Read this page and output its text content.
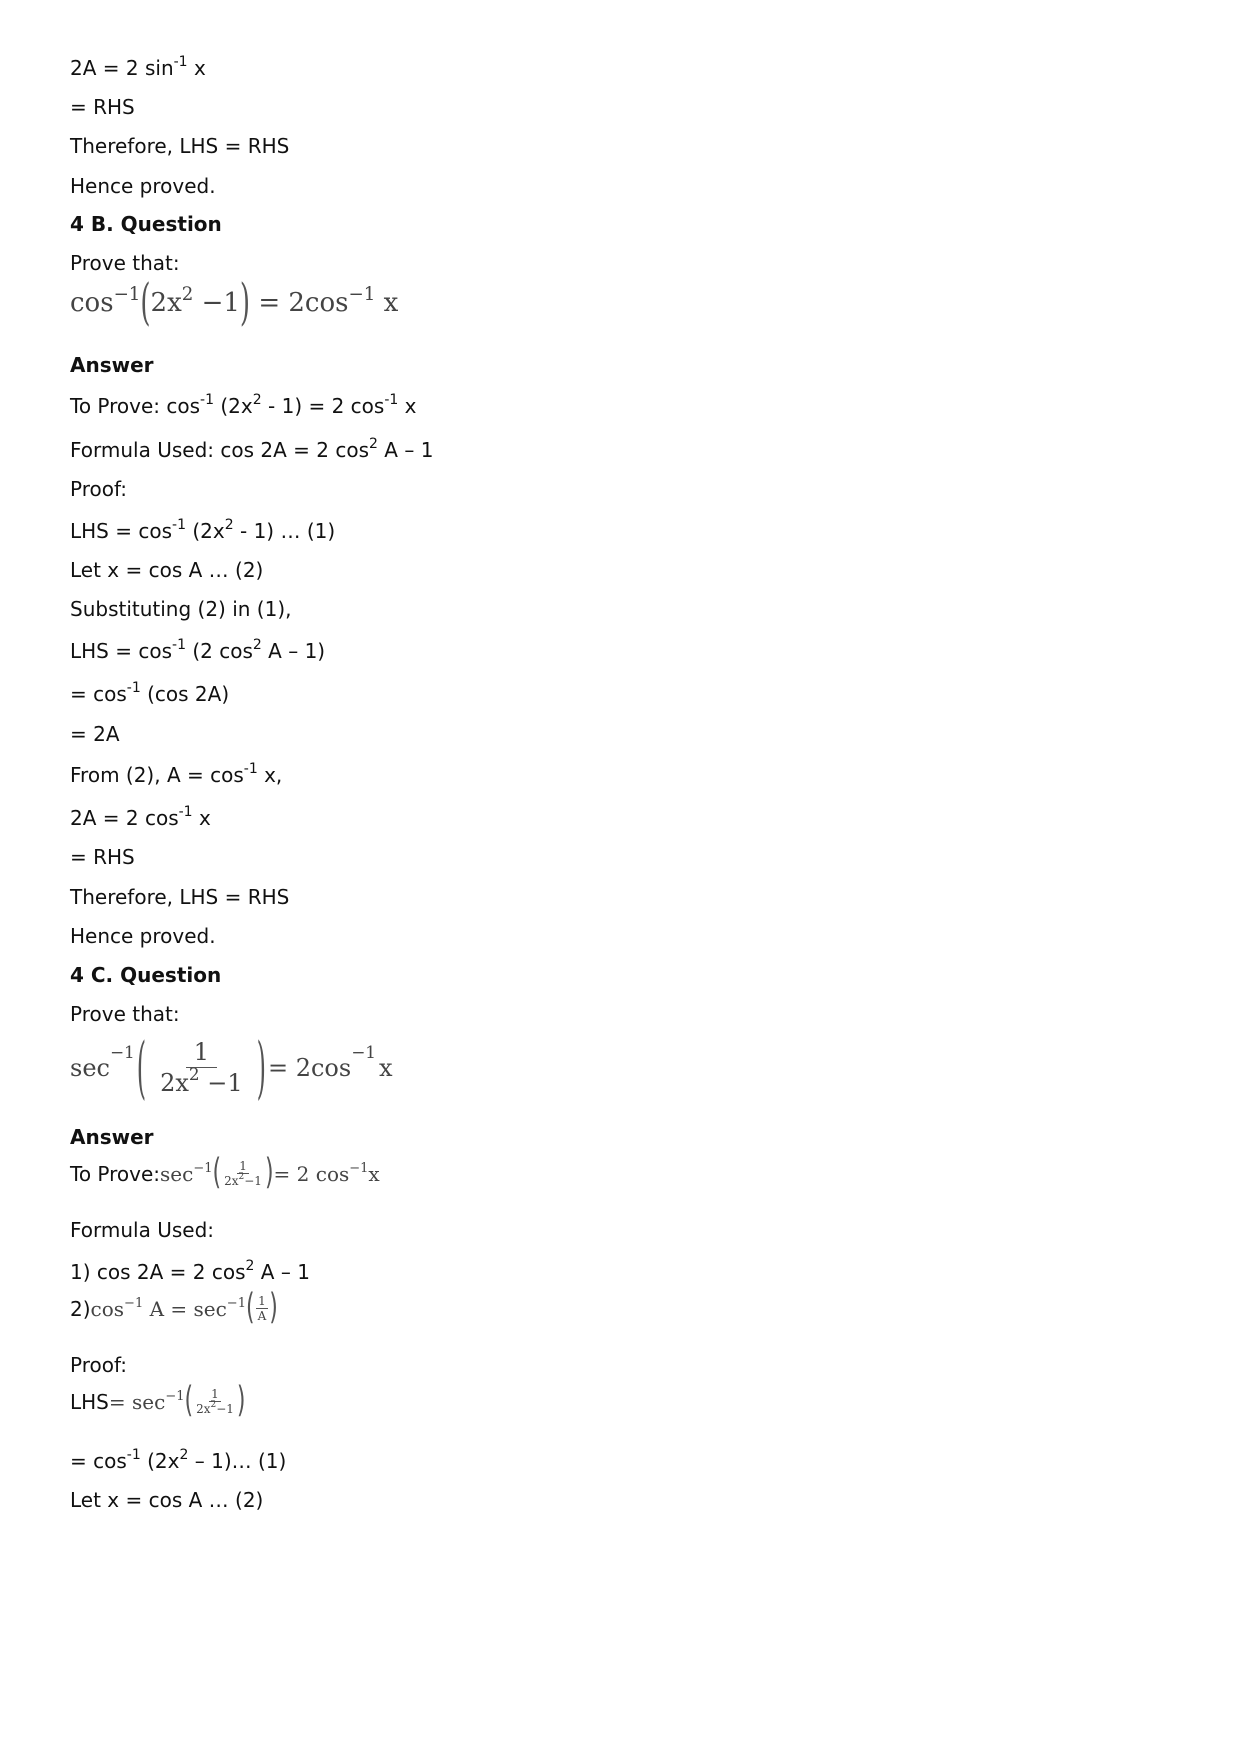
2A = 2 $\sin^{-1} x$
= RHS
Therefore, LHS = RHS
Hence proved.
4 B. Question
Prove that:
$\cos^{-1}(2x^2 -1) = 2\cos^{-1}$ x
Answer
To Prove: $\cos^{-1} (2x^2 - 1) = 2$ $\cos^{-1} x$
Formula Used: cos 2A = 2 $\cos^2 A - 1$
Proof:
LHS = $\cos^{-1} (2x^2 - 1)$ … (1)
Let x = cos A … (2)
Substituting (2) in (1),
LHS = $\cos^{-1} (2$ $\cos^2 A - 1$)
= $\cos^{-1} (\cos$ 2A)
= 2A
From (2), $A = \cos^{-1} x$,
2A = 2 $\cos^{-1} x$
= RHS
Therefore, LHS = RHS
Hence proved.
4 C. Question
Prove that:
sec
$^{-1}$ ( $\frac{1}{2x^2 -1}$ ) = 2cos
$^{-1}$
x
Answer
To Prove: $\sec^{-1}$ ( $\frac{1}{2x^2-1}$ ) = 2 $\cos^{-1}x$
Formula Used:
1) cos 2A = 2 $\cos^2 A - 1$
2) $\cos^{-1} A = \sec^{-1}$ ( $\frac{1}{A}$ )
Proof:
LHS = $\sec^{-1}$ ( $\frac{1}{2x^2-1}$ )
= $\cos^{-1} (2x^2$ – 1)… (1)
Let x = cos A … (2)
